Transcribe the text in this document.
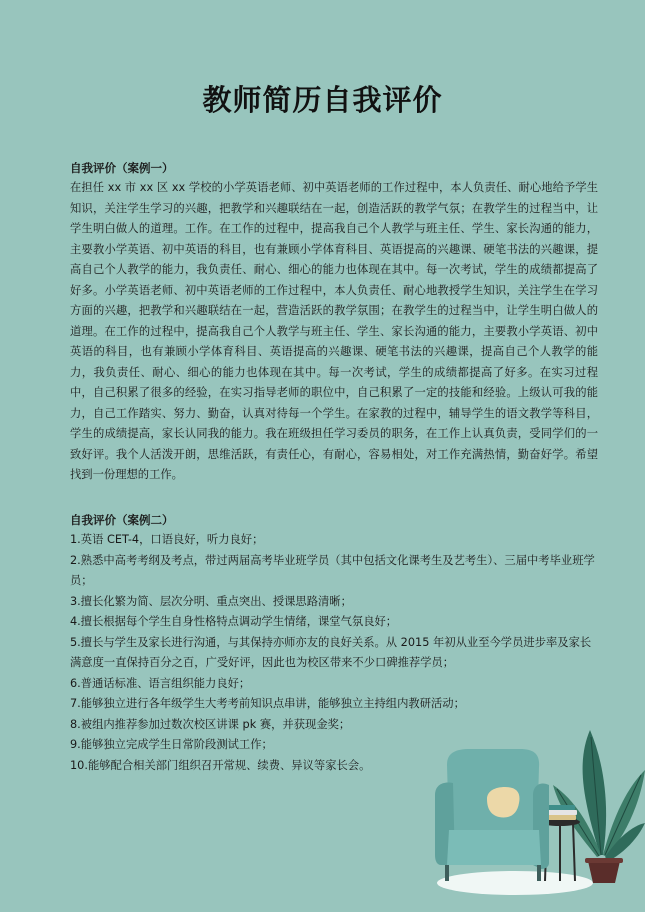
教师简历自我评价
自我评价（案例一）

在担任 xx 市 xx 区 xx 学校的小学英语老师、初中英语老师的工作过程中，本人负责任、耐心地给予学生知识，关注学生学习的兴趣，把教学和兴趣联结在一起，创造活跃的教学气氛；在教学生的过程当中，让学生明白做人的道理。工作。在工作的过程中，提高我自己个人教学与班主任、学生、家长沟通的能力，主要教小学英语、初中英语的科目，也有兼顾小学体育科目、英语提高的兴趣课、硬笔书法的兴趣课，提高自己个人教学的能力，我负责任、耐心、细心的能力也体现在其中。每一次考试，学生的成绩都提高了好多。小学英语老师、初中英语老师的工作过程中，本人负责任、耐心地教授学生知识，关注学生在学习方面的兴趣，把教学和兴趣联结在一起，营造活跃的教学氛围；在教学生的过程当中，让学生明白做人的道理。在工作的过程中，提高我自己个人教学与班主任、学生、家长沟通的能力，主要教小学英语、初中英语的科目，也有兼顾小学体育科目、英语提高的兴趣课、硬笔书法的兴趣课，提高自己个人教学的能力，我负责任、耐心、细心的能力也体现在其中。每一次考试，学生的成绩都提高了好多。在实习过程中，自己积累了很多的经验，在实习指导老师的职位中，自己积累了一定的技能和经验。上级认可我的能力，自己工作踏实、努力、勤奋，认真对待每一个学生。在家教的过程中，辅导学生的语文教学等科目，学生的成绩提高，家长认同我的能力。我在班级担任学习委员的职务，在工作上认真负责，受同学们的一致好评。我个人活泼开朗，思维活跃，有责任心，有耐心，容易相处，对工作充满热情，勤奋好学。希望找到一份理想的工作。

自我评价（案例二）
1.英语 CET-4，口语良好，听力良好；
2.熟悉中高考考纲及考点，带过两届高考毕业班学员（其中包括文化课考生及艺考生）、三届中考毕业班学员；
3.擅长化繁为简、层次分明、重点突出、授课思路清晰；
4.擅长根据每个学生自身性格特点调动学生情绪，课堂气氛良好；
5.擅长与学生及家长进行沟通，与其保持亦师亦友的良好关系。从 2015 年初从业至今学员进步率及家长满意度一直保持百分之百，广受好评，因此也为校区带来不少口碑推荐学员；
6.普通话标准、语言组织能力良好；
7.能够独立进行各年级学生大考考前知识点串讲，能够独立主持组内教研活动；
8.被组内推荐参加过数次校区讲课 pk 赛，并获现金奖；
9.能够独立完成学生日常阶段测试工作；
10.能够配合相关部门组织召开常规、续费、异议等家长会。
